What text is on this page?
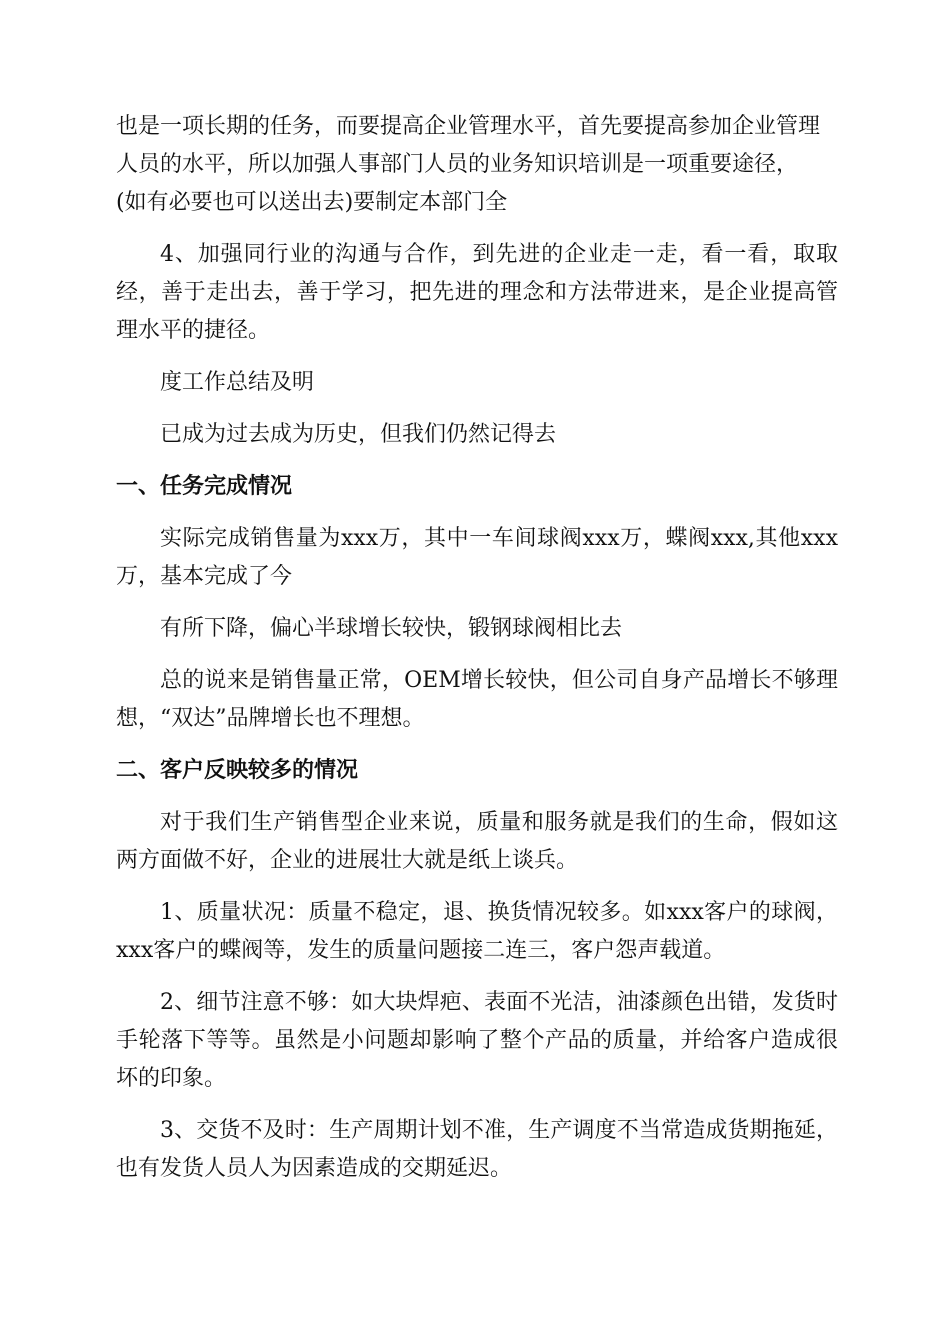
也是一项长期的任务，而要提高企业管理水平，首先要提高参加企业管理
人员的水平，所以加强人事部门人员的业务知识培训是一项重要途径，
(如有必要也可以送出去)要制定本部门全

4、加强同行业的沟通与合作，到先进的企业走一走，看一看，取取经，善于走出去，善于学习，把先进的理念和方法带进来，是企业提高管理水平的捷径。

度工作总结及明

已成为过去成为历史，但我们仍然记得去

一、任务完成情况

实际完成销售量为xxx万，其中一车间球阀xxx万，蝶阀xxx,其他xxx万，基本完成了今

有所下降，偏心半球增长较快，锻钢球阀相比去

总的说来是销售量正常，OEM增长较快，但公司自身产品增长不够理想，“双达”品牌增长也不理想。

二、客户反映较多的情况

对于我们生产销售型企业来说，质量和服务就是我们的生命，假如这两方面做不好，企业的进展壮大就是纸上谈兵。

1、质量状况：质量不稳定，退、换货情况较多。如xxx客户的球阀，xxx客户的蝶阀等，发生的质量问题接二连三，客户怨声载道。

2、细节注意不够：如大块焊疤、表面不光洁，油漆颜色出错，发货时手轮落下等等。虽然是小问题却影响了整个产品的质量，并给客户造成很坏的印象。

3、交货不及时：生产周期计划不准，生产调度不当常造成货期拖延，也有发货人员人为因素造成的交期延迟。
